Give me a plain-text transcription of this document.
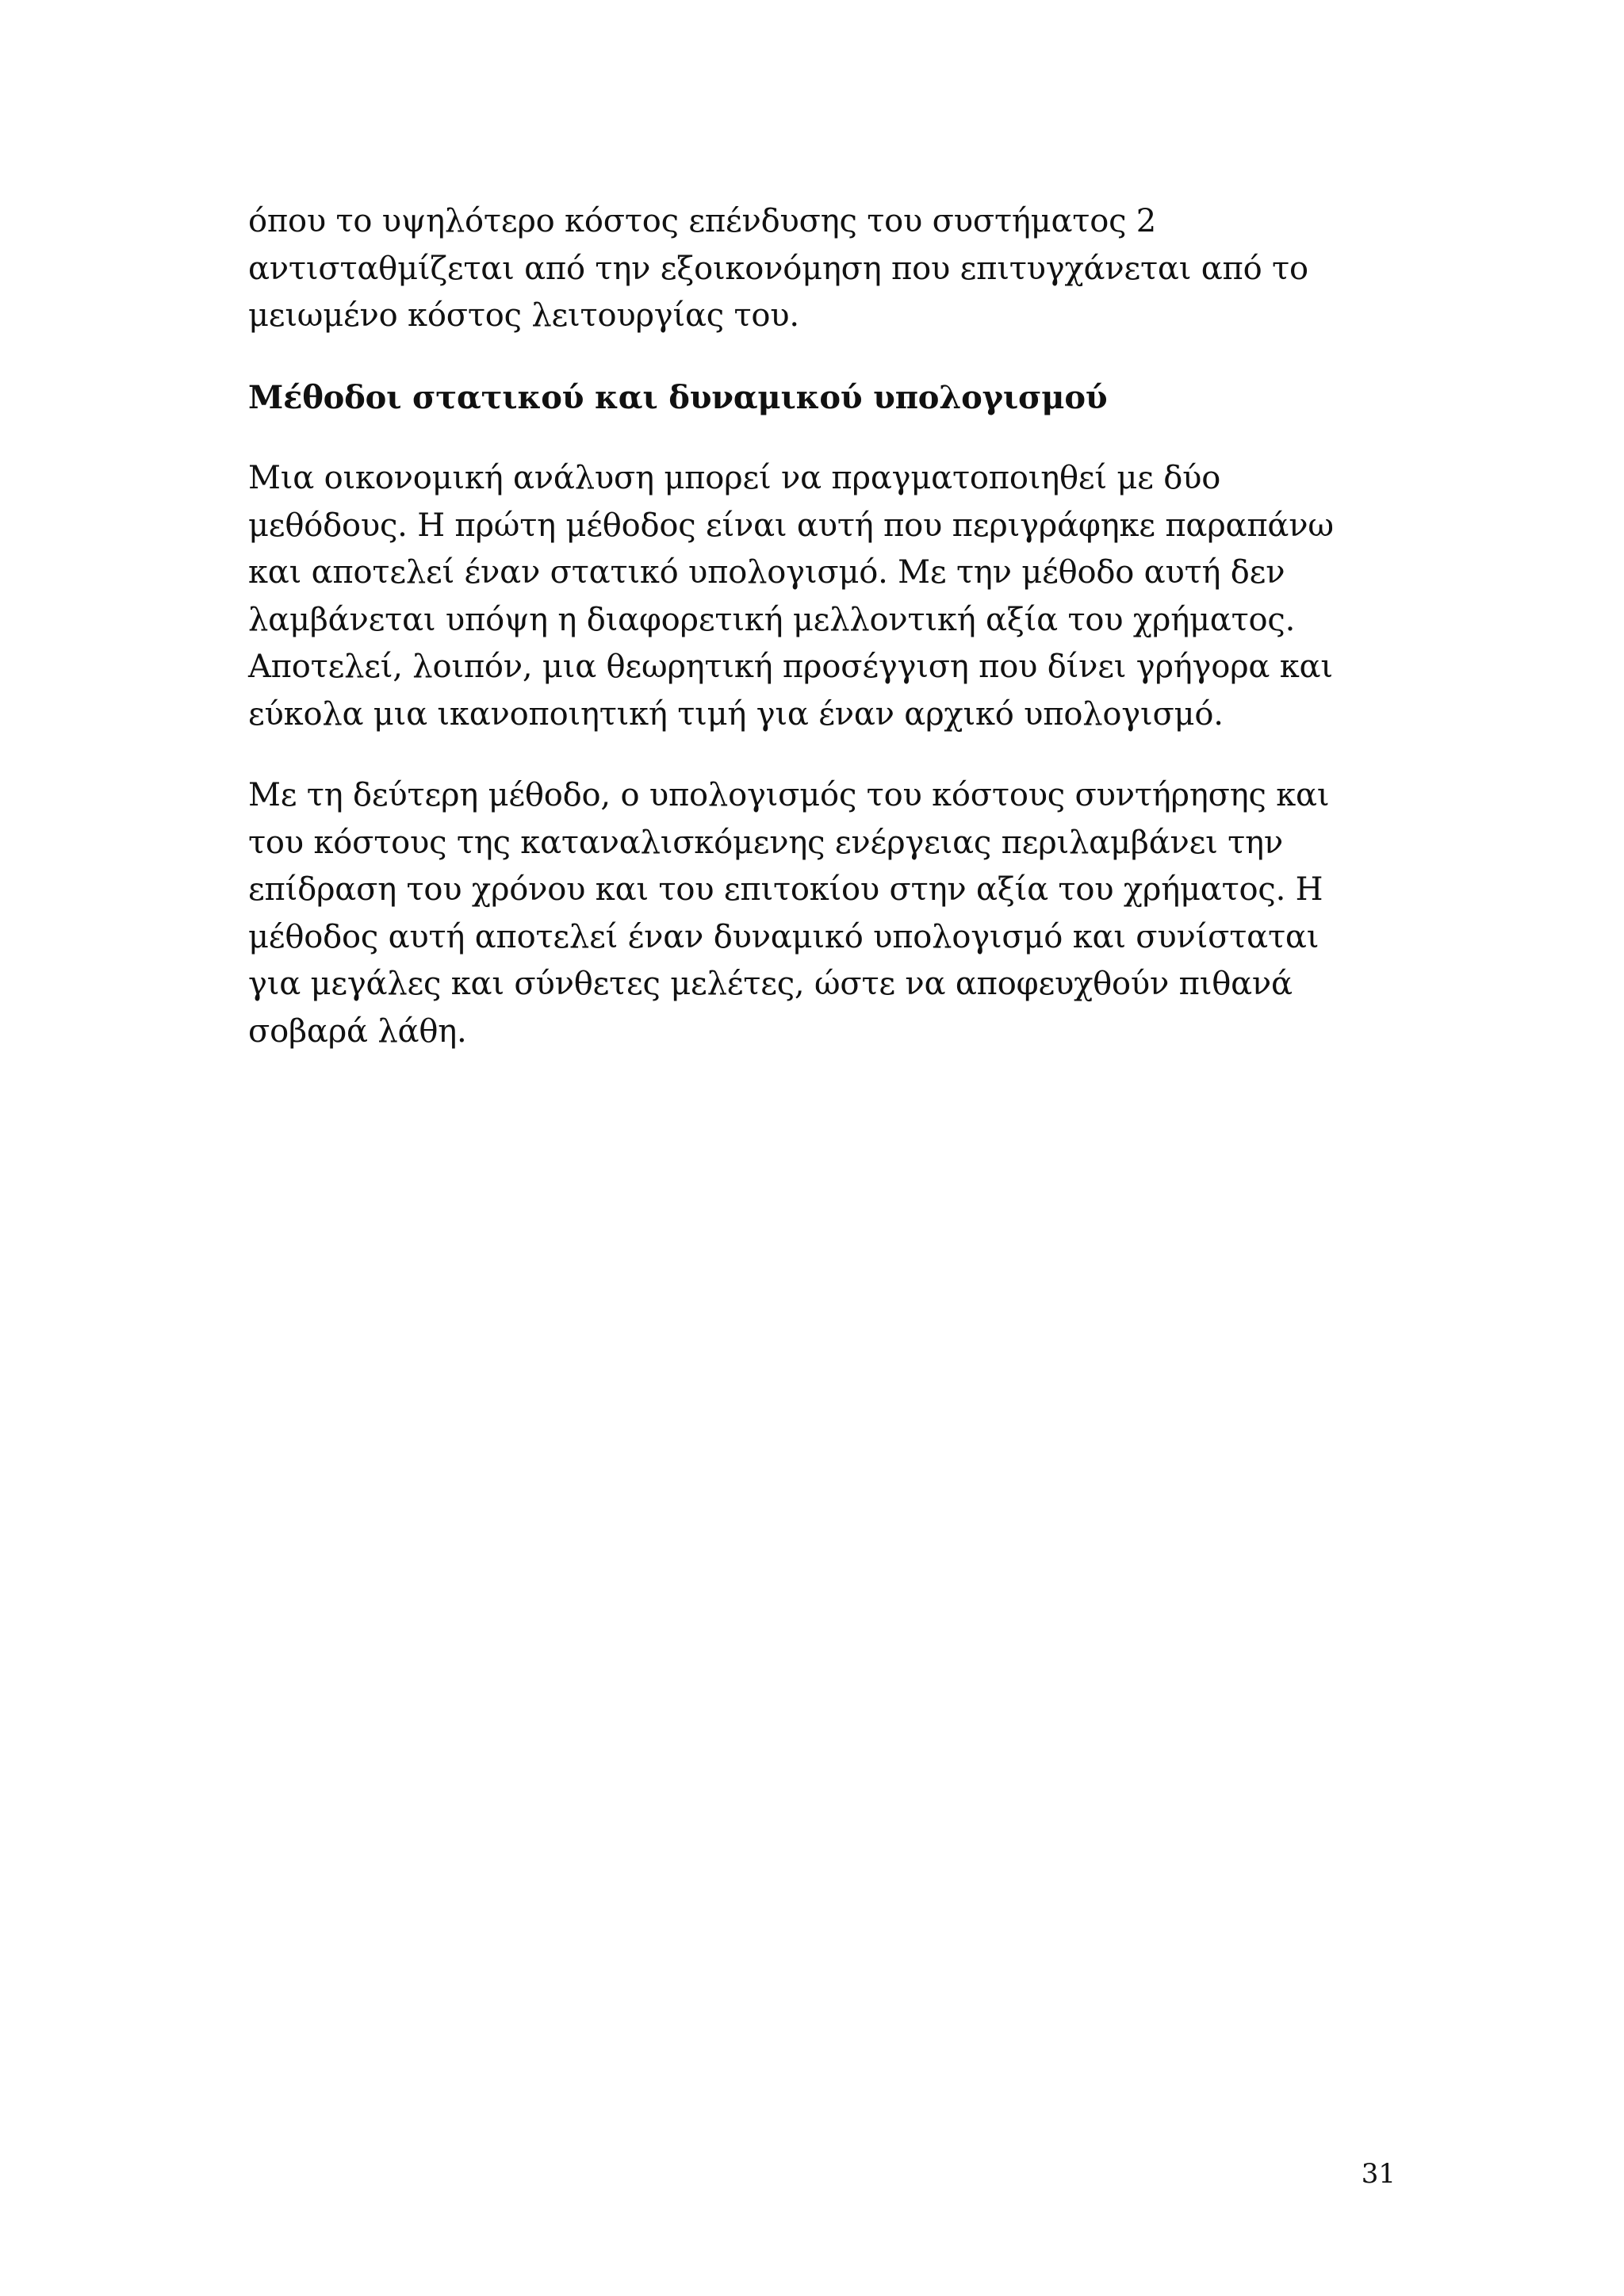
όπου το υψηλότερο κόστος επένδυσης του συστήματος 2
αντισταθμίζεται από την εξοικονόμηση που επιτυγχάνεται από το
μειωμένο κόστος λειτουργίας του.
Μέθοδοι στατικού και δυναμικού υπολογισμού
Μια οικονομική ανάλυση μπορεί να πραγματοποιηθεί με δύο
μεθόδους. Η πρώτη μέθοδος είναι αυτή που περιγράφηκε παραπάνω
και αποτελεί έναν στατικό υπολογισμό. Με την μέθοδο αυτή δεν
λαμβάνεται υπόψη η διαφορετική μελλοντική αξία του χρήματος.
Αποτελεί, λοιπόν, μια θεωρητική προσέγγιση που δίνει γρήγορα και
εύκολα μια ικανοποιητική τιμή για έναν αρχικό υπολογισμό.
Με τη δεύτερη μέθοδο, ο υπολογισμός του κόστους συντήρησης και
του κόστους της καταναλισκόμενης ενέργειας περιλαμβάνει την
επίδραση του χρόνου και του επιτοκίου στην αξία του χρήματος. Η
μέθοδος αυτή αποτελεί έναν δυναμικό υπολογισμό και συνίσταται
για μεγάλες και σύνθετες μελέτες, ώστε να αποφευχθούν πιθανά
σοβαρά λάθη.
31
